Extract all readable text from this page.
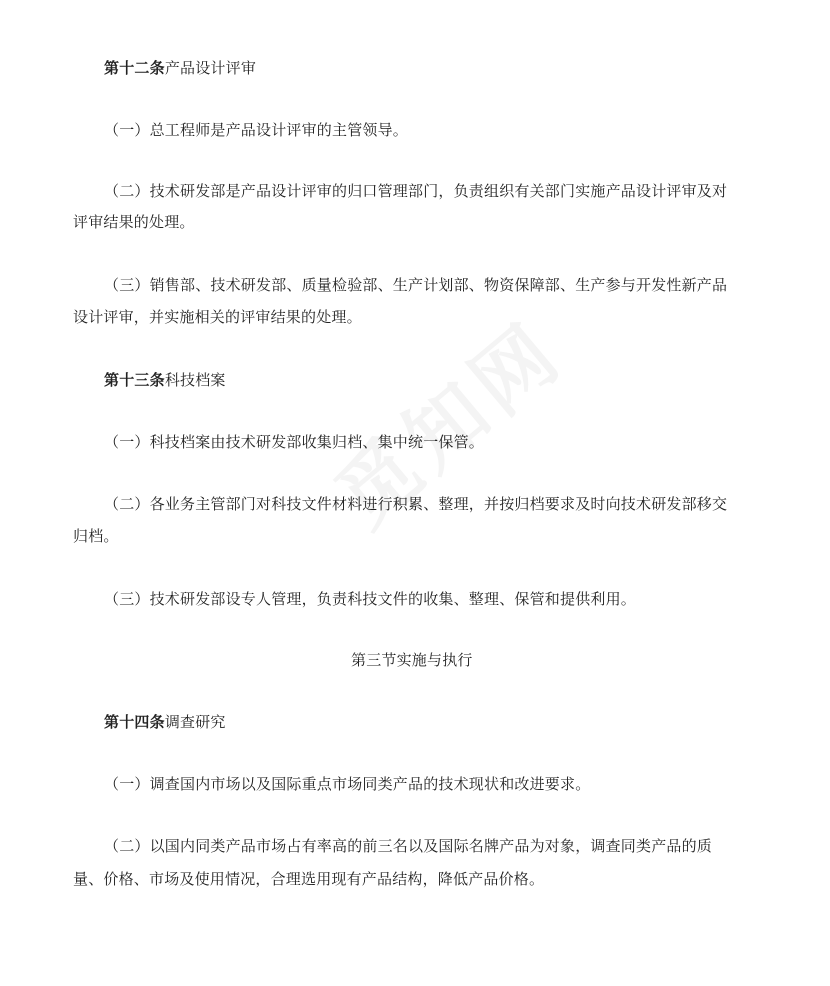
第十二条产品设计评审
（一）总工程师是产品设计评审的主管领导。
（二）技术研发部是产品设计评审的归口管理部门，负责组织有关部门实施产品设计评审及对
评审结果的处理。
（三）销售部、技术研发部、质量检验部、生产计划部、物资保障部、生产参与开发性新产品
设计评审，并实施相关的评审结果的处理。
第十三条科技档案
（一）科技档案由技术研发部收集归档、集中统一保管。
（二）各业务主管部门对科技文件材料进行积累、整理，并按归档要求及时向技术研发部移交
归档。
（三）技术研发部设专人管理，负责科技文件的收集、整理、保管和提供利用。
第三节实施与执行
第十四条调查研究
（一）调查国内市场以及国际重点市场同类产品的技术现状和改进要求。
（二）以国内同类产品市场占有率高的前三名以及国际名牌产品为对象，调查同类产品的质
量、价格、市场及使用情况，合理选用现有产品结构，降低产品价格。
